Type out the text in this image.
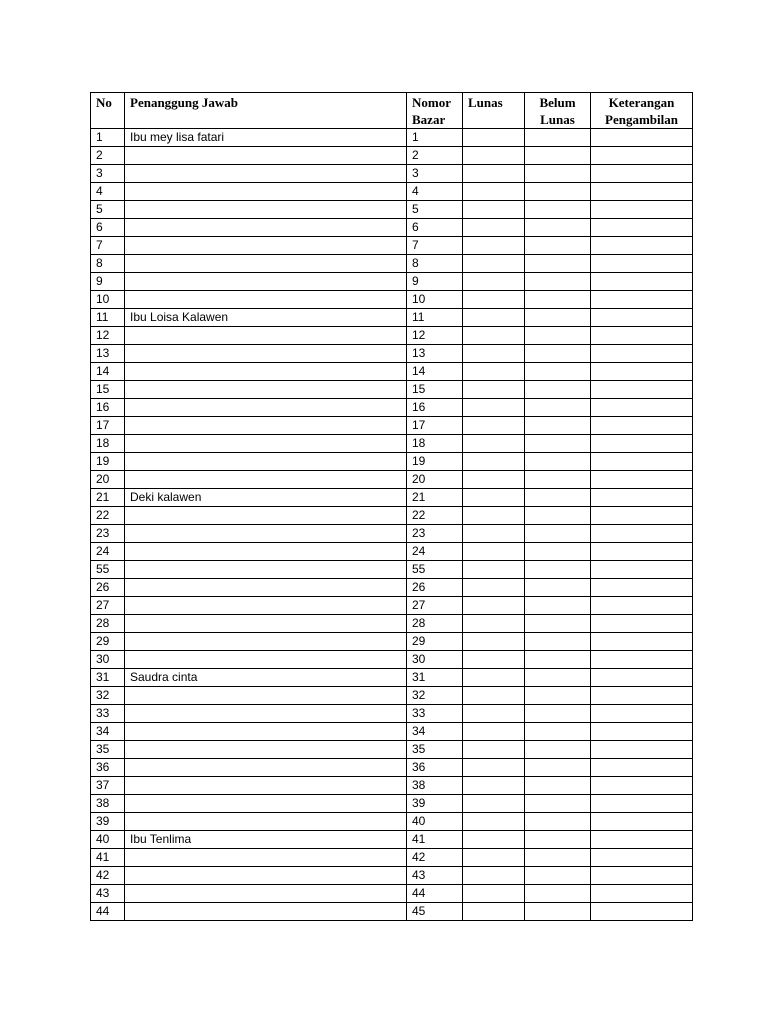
No	Penanggung Jawab	Nomor Bazar	Lunas	Belum Lunas	Keterangan Pengambilan
1	Ibu mey lisa fatari	1			
2		2			
3		3			
4		4			
5		5			
6		6			
7		7			
8		8			
9		9			
10		10			
11	Ibu Loisa Kalawen	11			
12		12			
13		13			
14		14			
15		15			
16		16			
17		17			
18		18			
19		19			
20		20			
21	Deki kalawen	21			
22		22			
23		23			
24		24			
55		55			
26		26			
27		27			
28		28			
29		29			
30		30			
31	Saudra cinta	31			
32		32			
33		33			
34		34			
35		35			
36		36			
37		38			
38		39			
39		40			
40	Ibu Tenlima	41			
41		42			
42		43			
43		44			
44		45			
